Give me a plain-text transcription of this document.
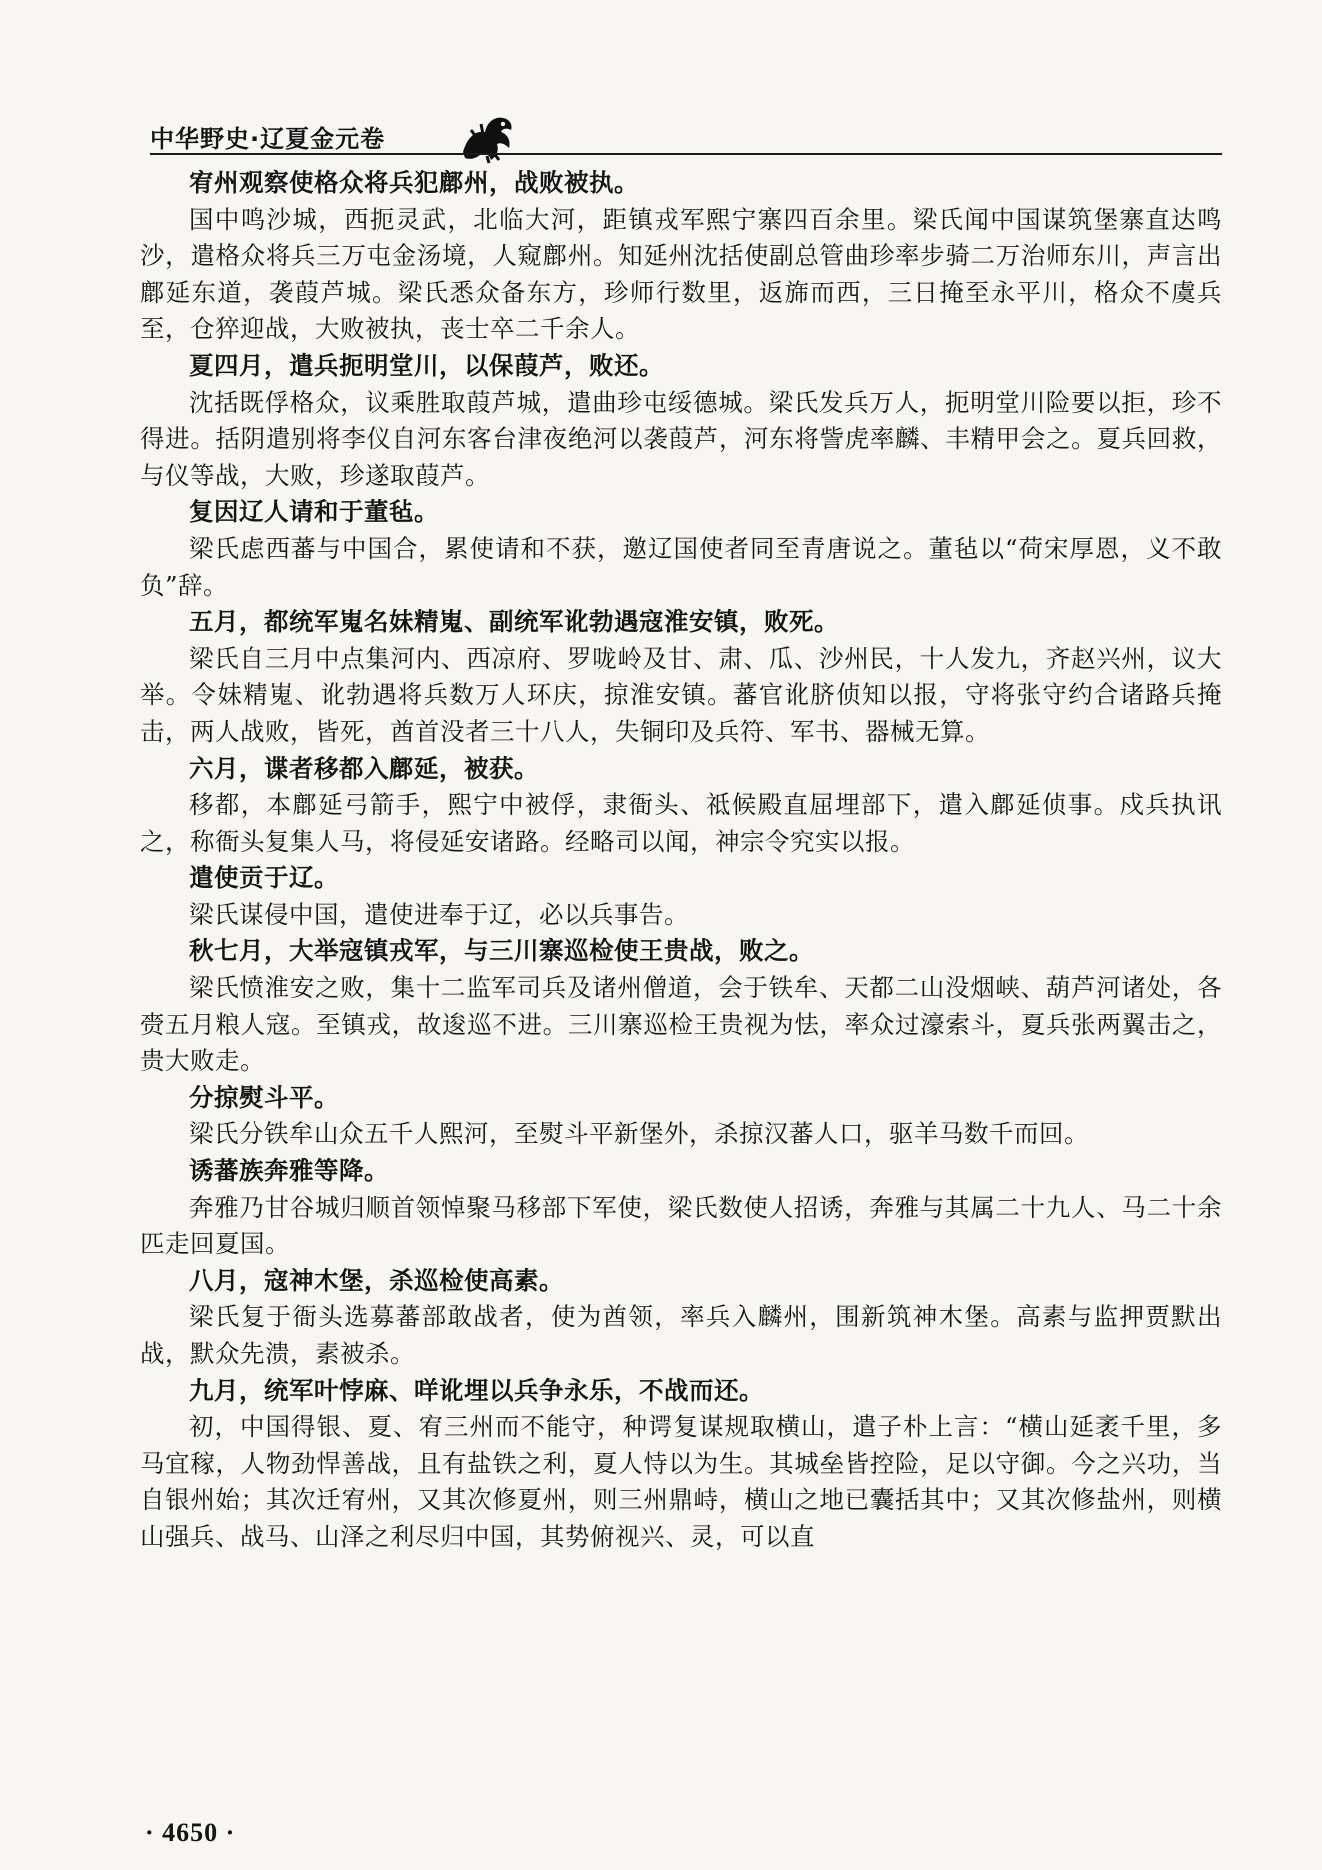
中华野史·辽夏金元卷

宥州观察使格众将兵犯鄜州，战败被执。

国中鸣沙城，西扼灵武，北临大河，距镇戎军熙宁寨四百余里。梁氏闻中国谋筑堡寨直达鸣沙，遣格众将兵三万屯金汤境，人窥鄜州。知延州沈括使副总管曲珍率步骑二万治师东川，声言出鄜延东道，袭葭芦城。梁氏悉众备东方，珍师行数里，返旆而西，三日掩至永平川，格众不虞兵至，仓猝迎战，大败被执，丧士卒二千余人。

夏四月，遣兵扼明堂川，以保葭芦，败还。

沈括既俘格众，议乘胜取葭芦城，遣曲珍屯绥德城。梁氏发兵万人，扼明堂川险要以拒，珍不得进。括阴遣别将李仪自河东客台津夜绝河以袭葭芦，河东将訾虎率麟、丰精甲会之。夏兵回救，与仪等战，大败，珍遂取葭芦。

复因辽人请和于董毡。

梁氏虑西蕃与中国合，累使请和不获，邀辽国使者同至青唐说之。董毡以“荷宋厚恩，义不敢负”辞。

五月，都统军嵬名妹精嵬、副统军讹勃遇寇淮安镇，败死。

梁氏自三月中点集河内、西凉府、罗咙岭及甘、肃、瓜、沙州民，十人发九，齐赵兴州，议大举。令妹精嵬、讹勃遇将兵数万人环庆，掠淮安镇。蕃官讹脐侦知以报，守将张守约合诸路兵掩击，两人战败，皆死，酋首没者三十八人，失铜印及兵符、军书、器械无算。

六月，谍者移都入鄜延，被获。

移都，本鄜延弓箭手，熙宁中被俘，隶衙头、祗候殿直屈埋部下，遣入鄜延侦事。戍兵执讯之，称衙头复集人马，将侵延安诸路。经略司以闻，神宗令究实以报。

遣使贡于辽。

梁氏谋侵中国，遣使进奉于辽，必以兵事告。

秋七月，大举寇镇戎军，与三川寨巡检使王贵战，败之。

梁氏愤淮安之败，集十二监军司兵及诸州僧道，会于铁牟、天都二山没烟峡、葫芦河诸处，各赍五月粮人寇。至镇戎，故逡巡不进。三川寨巡检王贵视为怯，率众过濠索斗，夏兵张两翼击之，贵大败走。

分掠熨斗平。

梁氏分铁牟山众五千人熙河，至熨斗平新堡外，杀掠汉蕃人口，驱羊马数千而回。

诱蕃族奔雅等降。

奔雅乃甘谷城归顺首领悼聚马移部下军使，梁氏数使人招诱，奔雅与其属二十九人、马二十余匹走回夏国。

八月，寇神木堡，杀巡检使高素。

梁氏复于衙头选募蕃部敢战者，使为酋领，率兵入麟州，围新筑神木堡。高素与监押贾默出战，默众先溃，素被杀。

九月，统军叶悖麻、咩讹埋以兵争永乐，不战而还。

初，中国得银、夏、宥三州而不能守，种谔复谋规取横山，遣子朴上言：“横山延袤千里，多马宜稼，人物劲悍善战，且有盐铁之利，夏人恃以为生。其城垒皆控险，足以守御。今之兴功，当自银州始；其次迁宥州，又其次修夏州，则三州鼎峙，横山之地已囊括其中；又其次修盐州，则横山强兵、战马、山泽之利尽归中国，其势俯视兴、灵，可以直

· 4650 ·
